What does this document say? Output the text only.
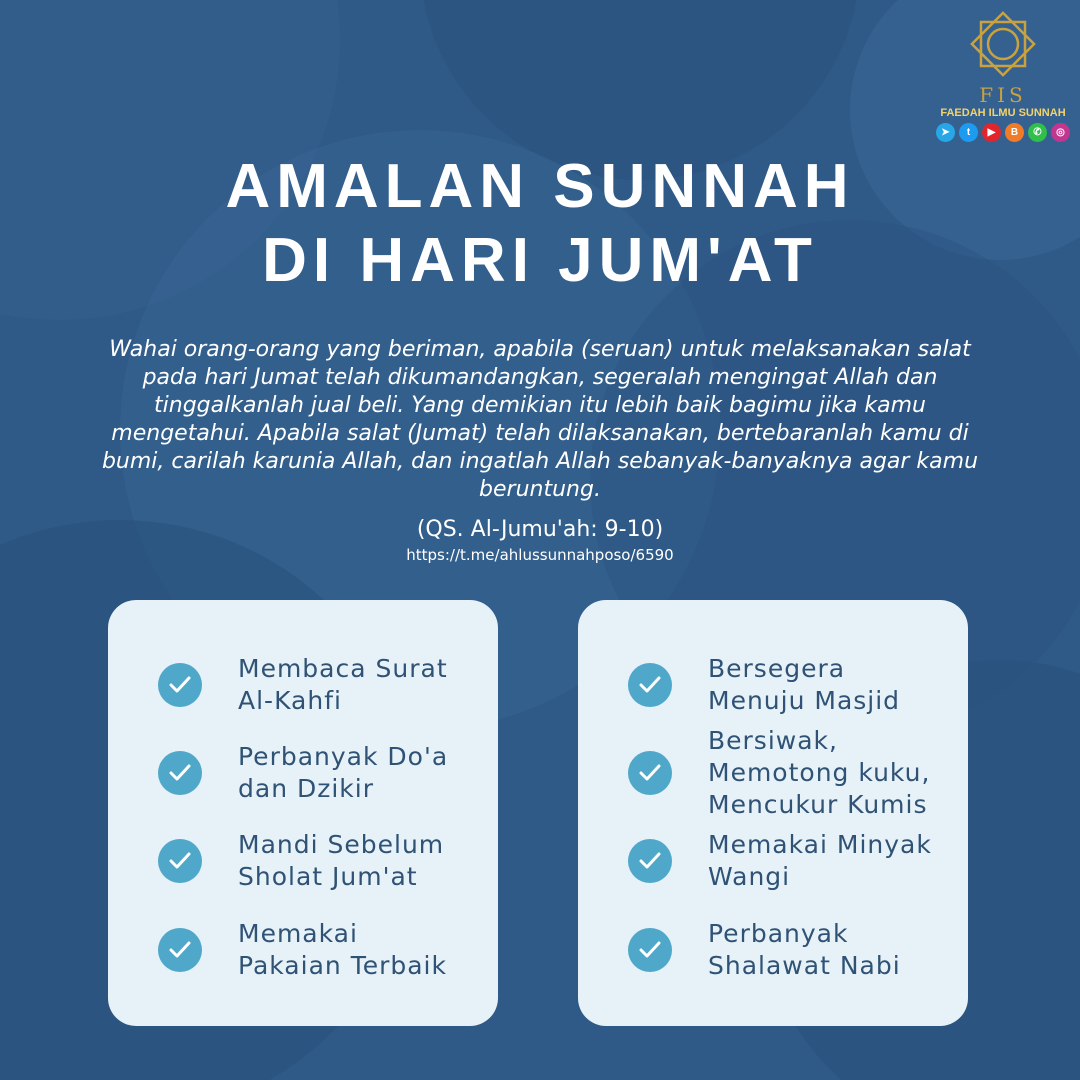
FIS
FAEDAH ILMU SUNNAH
➤	t	▶	B	✆	◎
AMALAN SUNNAH
DI HARI JUM'AT

Wahai orang-orang yang beriman, apabila (seruan) untuk melaksanakan salat pada hari Jumat telah dikumandangkan, segeralah mengingat Allah dan tinggalkanlah jual beli. Yang demikian itu lebih baik bagimu jika kamu mengetahui. Apabila salat (Jumat) telah dilaksanakan, bertebaranlah kamu di bumi, carilah karunia Allah, dan ingatlah Allah sebanyak-banyaknya agar kamu beruntung.

(QS. Al-Jumu'ah: 9-10)
https://t.me/ahlussunnahposo/6590

Membaca Surat
Al-Kahfi

Perbanyak Do'a
dan Dzikir

Mandi Sebelum
Sholat Jum'at

Memakai
Pakaian Terbaik

Bersegera
Menuju Masjid

Bersiwak,
Memotong kuku,
Mencukur Kumis

Memakai Minyak
Wangi

Perbanyak
Shalawat Nabi
